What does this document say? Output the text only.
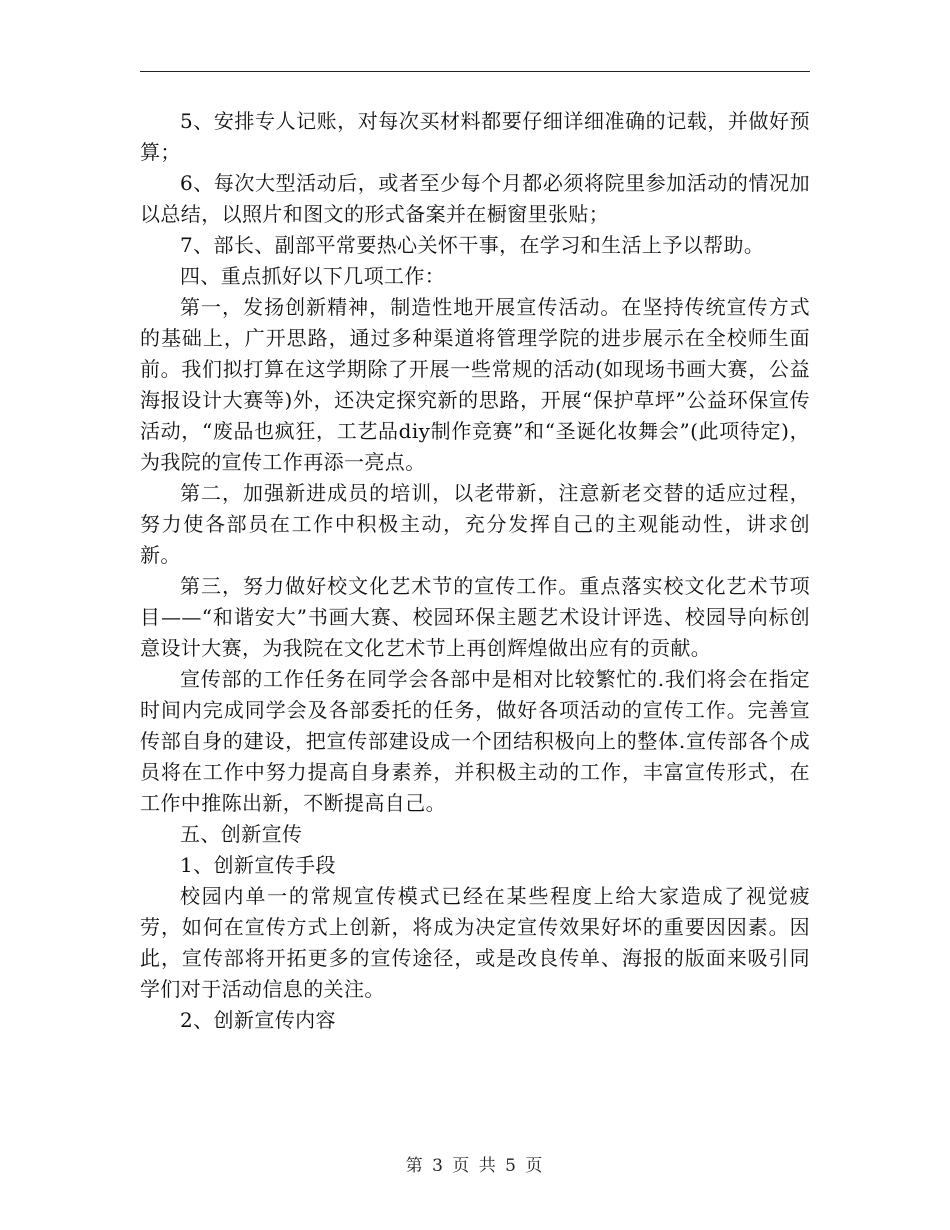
5、安排专人记账，对每次买材料都要仔细详细准确的记载，并做好预算；

6、每次大型活动后，或者至少每个月都必须将院里参加活动的情况加以总结，以照片和图文的形式备案并在橱窗里张贴；

7、部长、副部平常要热心关怀干事，在学习和生活上予以帮助。

四、重点抓好以下几项工作：

第一，发扬创新精神，制造性地开展宣传活动。在坚持传统宣传方式的基础上，广开思路，通过多种渠道将管理学院的进步展示在全校师生面前。我们拟打算在这学期除了开展一些常规的活动(如现场书画大赛，公益海报设计大赛等)外，还决定探究新的思路，开展“保护草坪”公益环保宣传活动，“废品也疯狂，工艺品diy制作竞赛”和“圣诞化妆舞会”(此项待定)，为我院的宣传工作再添一亮点。

第二，加强新进成员的培训，以老带新，注意新老交替的适应过程，努力使各部员在工作中积极主动，充分发挥自己的主观能动性，讲求创新。

第三，努力做好校文化艺术节的宣传工作。重点落实校文化艺术节项目——“和谐安大”书画大赛、校园环保主题艺术设计评选、校园导向标创意设计大赛，为我院在文化艺术节上再创辉煌做出应有的贡献。

宣传部的工作任务在同学会各部中是相对比较繁忙的.我们将会在指定时间内完成同学会及各部委托的任务，做好各项活动的宣传工作。完善宣传部自身的建设，把宣传部建设成一个团结积极向上的整体.宣传部各个成员将在工作中努力提高自身素养，并积极主动的工作，丰富宣传形式，在工作中推陈出新，不断提高自己。

五、创新宣传

1、创新宣传手段

校园内单一的常规宣传模式已经在某些程度上给大家造成了视觉疲劳，如何在宣传方式上创新，将成为决定宣传效果好坏的重要因因素。因此，宣传部将开拓更多的宣传途径，或是改良传单、海报的版面来吸引同学们对于活动信息的关注。

2、创新宣传内容

第 3 页 共 5 页
